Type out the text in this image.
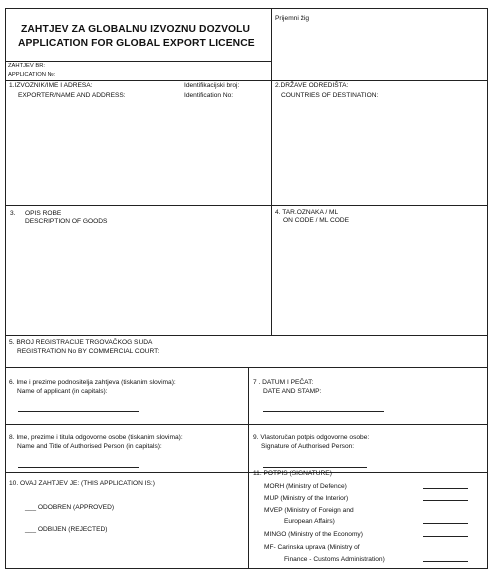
ZAHTJEV ZA GLOBALNU IZVOZNU DOZVOLU
APPLICATION FOR GLOBAL EXPORT LICENCE
ZAHTJEV BR:
APPLICATION №:
Prijemni žig
1.IZVOZNIK/IME I ADRESA:
EXPORTER/NAME AND ADDRESS:
Identifikacijski broj:
Identification No:
2.DRŽAVE ODREDIŠTA:
COUNTRIES OF DESTINATION:
3. OPIS ROBE
DESCRIPTION OF GOODS
4. TAR.OZNAKA / ML
ON CODE / ML CODE
5. BROJ REGISTRACIJE TRGOVAČKOG SUDA
REGISTRATION No BY COMMERCIAL COURT:
6. Ime i prezime podnositelja zahtjeva (tiskanim slovima):
Name of applicant (in capitals):
7 . DATUM I PEČAT:
DATE AND STAMP:
8. Ime, prezime i titula odgovorne osobe (tiskanim slovima):
Name and Title of Authorised Person (in capitals):
9. Vlastoručan potpis odgovorne osobe:
Signature of Authorised Person:
10. OVAJ ZAHTJEV JE: (THIS APPLICATION IS:)
___ ODOBREN (APPROVED)
___ ODBIJEN (REJECTED)
11. POTPIS (SIGNATURE)
MORH (Ministry of Defence)
MUP (Ministry of the Interior)
MVEP (Ministry of Foreign and
European Affairs)
MINGO (Ministry of the Economy)
MF- Carinska uprava (Ministry of
Finance - Customs Administration)
